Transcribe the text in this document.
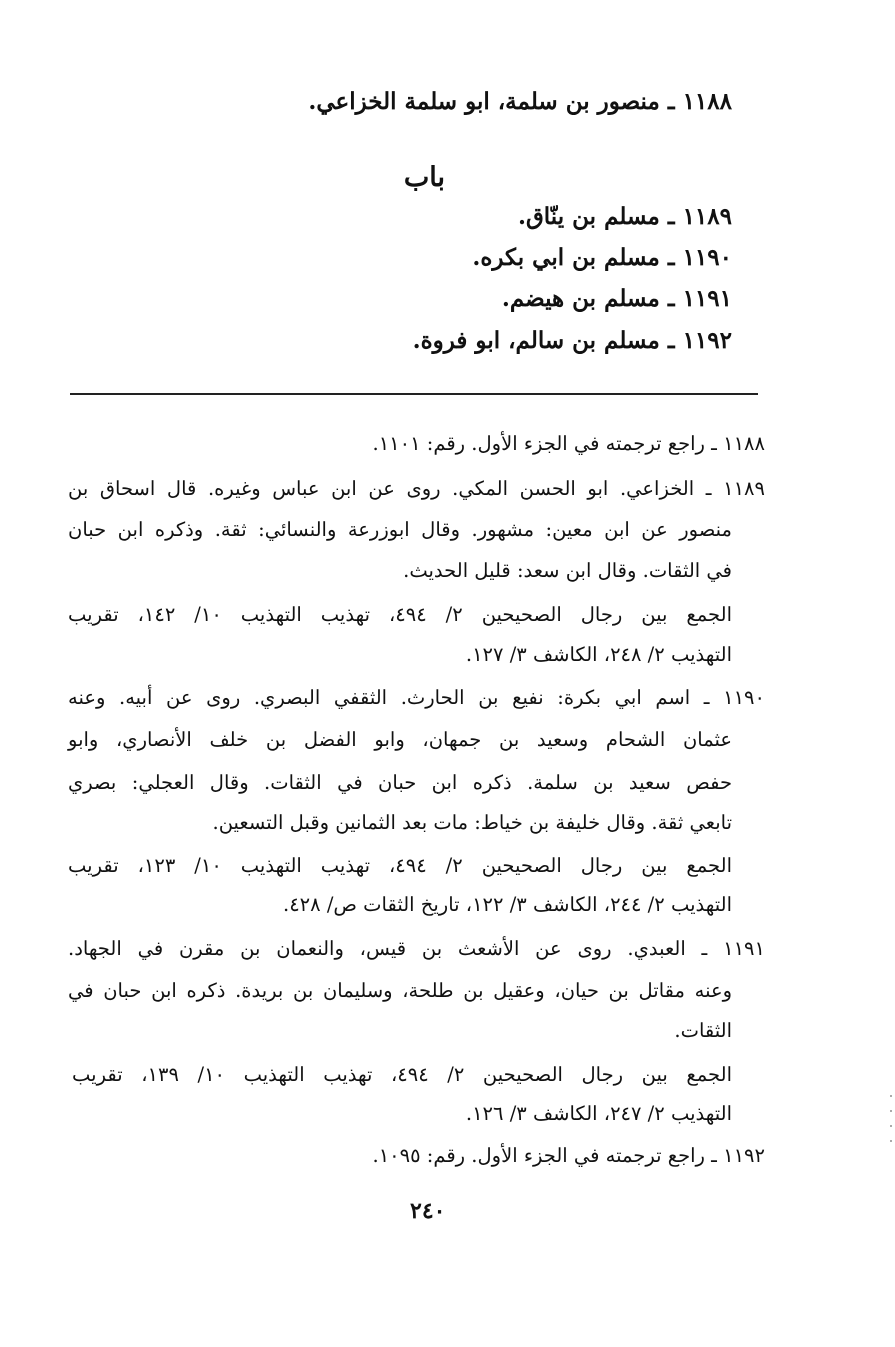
١١٨٨ ـ منصور بن سلمة، ابو سلمة الخزاعي.
باب
١١٨٩ ـ مسلم بن ينّاق.
١١٩٠ ـ مسلم بن ابي بكره.
١١٩١ ـ مسلم بن هيضم.
١١٩٢ ـ مسلم بن سالم، ابو فروة.
١١٨٨ ـ راجع ترجمته في الجزء الأول. رقم: ١١٠١.
١١٨٩ ـ الخزاعي. ابو الحسن المكي. روى عن ابن عباس وغيره. قال اسحاق بن
منصور عن ابن معين: مشهور. وقال ابوزرعة والنسائي: ثقة. وذكره ابن حبان
في الثقات. وقال ابن سعد: قليل الحديث.
الجمع بين رجال الصحيحين ٢/ ٤٩٤، تهذيب التهذيب ١٠/ ١٤٢، تقريب
التهذيب ٢/ ٢٤٨، الكاشف ٣/ ١٢٧.
١١٩٠ ـ اسم ابي بكرة: نفيع بن الحارث. الثقفي البصري. روى عن أبيه. وعنه
عثمان الشحام وسعيد بن جمهان، وابو الفضل بن خلف الأنصاري، وابو
حفص سعيد بن سلمة. ذكره ابن حبان في الثقات. وقال العجلي: بصري
تابعي ثقة. وقال خليفة بن خياط: مات بعد الثمانين وقبل التسعين.
الجمع بين رجال الصحيحين ٢/ ٤٩٤، تهذيب التهذيب ١٠/ ١٢٣، تقريب
التهذيب ٢/ ٢٤٤، الكاشف ٣/ ١٢٢، تاريخ الثقات ص/ ٤٢٨.
١١٩١ ـ العبدي. روى عن الأشعث بن قيس، والنعمان بن مقرن في الجهاد.
وعنه مقاتل بن حيان، وعقيل بن طلحة، وسليمان بن بريدة. ذكره ابن حبان في
الثقات.
الجمع بين رجال الصحيحين ٢/ ٤٩٤، تهذيب التهذيب ١٠/ ١٣٩، تقريب
التهذيب ٢/ ٢٤٧، الكاشف ٣/ ١٢٦.
١١٩٢ ـ راجع ترجمته في الجزء الأول. رقم: ١٠٩٥.
٢٤٠
